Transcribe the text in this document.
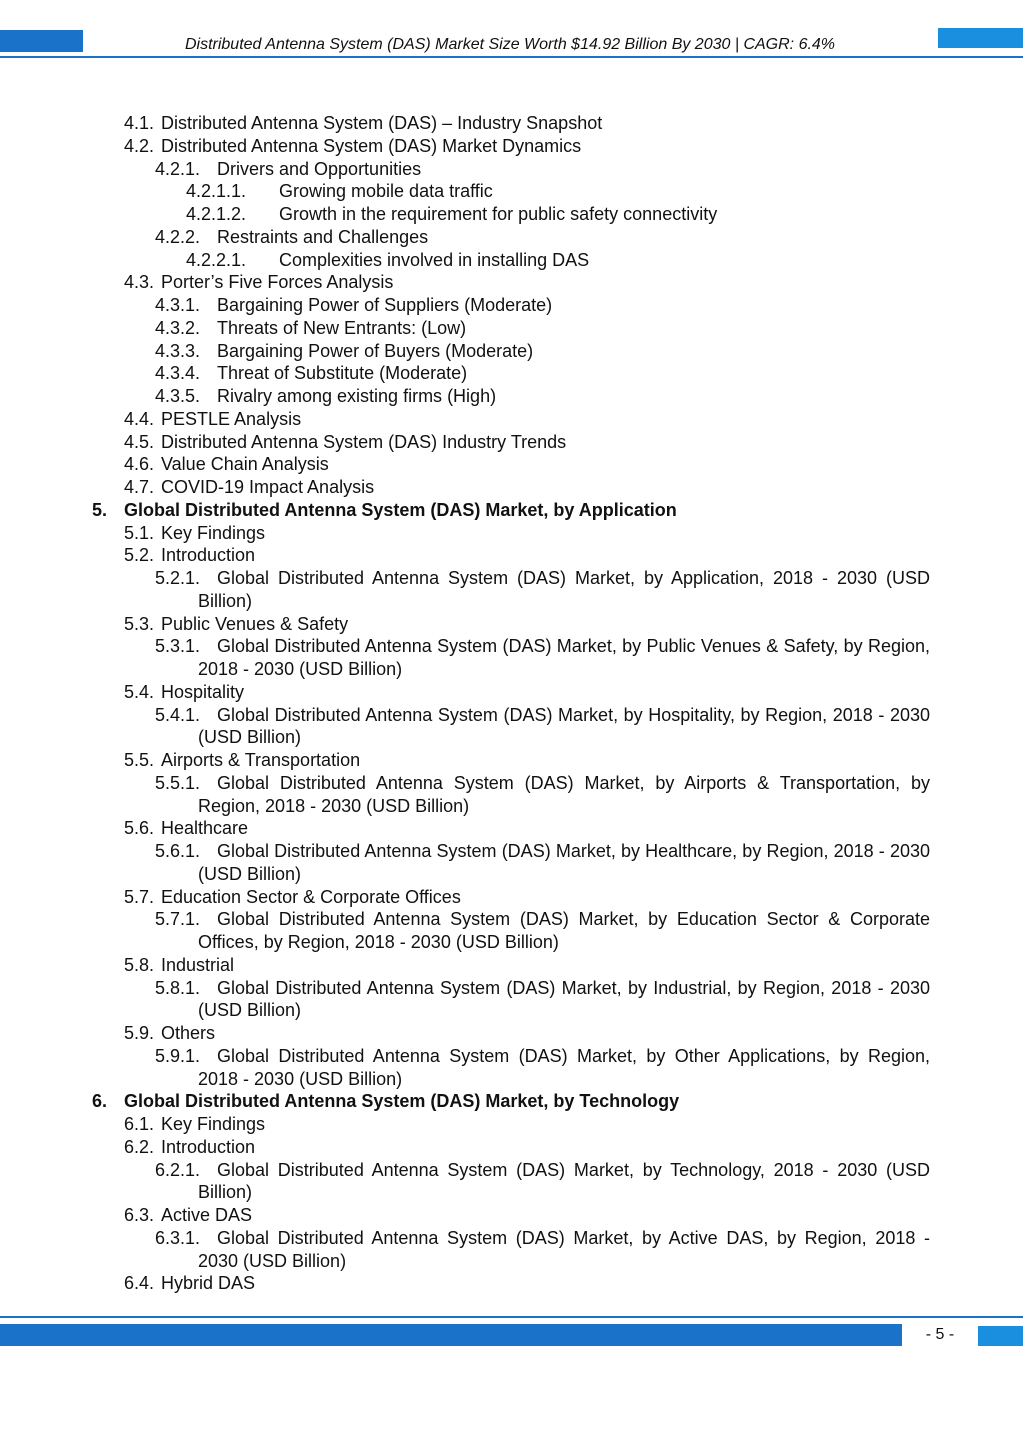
Distributed Antenna System (DAS) Market Size Worth $14.92 Billion By 2030 | CAGR: 6.4%
4.1. Distributed Antenna System (DAS) – Industry Snapshot
4.2. Distributed Antenna System (DAS) Market Dynamics
4.2.1. Drivers and Opportunities
4.2.1.1. Growing mobile data traffic
4.2.1.2. Growth in the requirement for public safety connectivity
4.2.2. Restraints and Challenges
4.2.2.1. Complexities involved in installing DAS
4.3. Porter’s Five Forces Analysis
4.3.1. Bargaining Power of Suppliers (Moderate)
4.3.2. Threats of New Entrants: (Low)
4.3.3. Bargaining Power of Buyers (Moderate)
4.3.4. Threat of Substitute (Moderate)
4.3.5. Rivalry among existing firms (High)
4.4. PESTLE Analysis
4.5. Distributed Antenna System (DAS) Industry Trends
4.6. Value Chain Analysis
4.7. COVID-19 Impact Analysis
5. Global Distributed Antenna System (DAS) Market, by Application
5.1. Key Findings
5.2. Introduction
5.2.1. Global Distributed Antenna System (DAS) Market, by Application, 2018 - 2030 (USD Billion)
5.3. Public Venues & Safety
5.3.1. Global Distributed Antenna System (DAS) Market, by Public Venues & Safety, by Region, 2018 - 2030 (USD Billion)
5.4. Hospitality
5.4.1. Global Distributed Antenna System (DAS) Market, by Hospitality, by Region, 2018 - 2030 (USD Billion)
5.5. Airports & Transportation
5.5.1. Global Distributed Antenna System (DAS) Market, by Airports & Transportation, by Region, 2018 - 2030 (USD Billion)
5.6. Healthcare
5.6.1. Global Distributed Antenna System (DAS) Market, by Healthcare, by Region, 2018 - 2030 (USD Billion)
5.7. Education Sector & Corporate Offices
5.7.1. Global Distributed Antenna System (DAS) Market, by Education Sector & Corporate Offices, by Region, 2018 - 2030 (USD Billion)
5.8. Industrial
5.8.1. Global Distributed Antenna System (DAS) Market, by Industrial, by Region, 2018 - 2030 (USD Billion)
5.9. Others
5.9.1. Global Distributed Antenna System (DAS) Market, by Other Applications, by Region, 2018 - 2030 (USD Billion)
6. Global Distributed Antenna System (DAS) Market, by Technology
6.1. Key Findings
6.2. Introduction
6.2.1. Global Distributed Antenna System (DAS) Market, by Technology, 2018 - 2030 (USD Billion)
6.3. Active DAS
6.3.1. Global Distributed Antenna System (DAS) Market, by Active DAS, by Region, 2018 - 2030 (USD Billion)
6.4. Hybrid DAS
- 5 -
